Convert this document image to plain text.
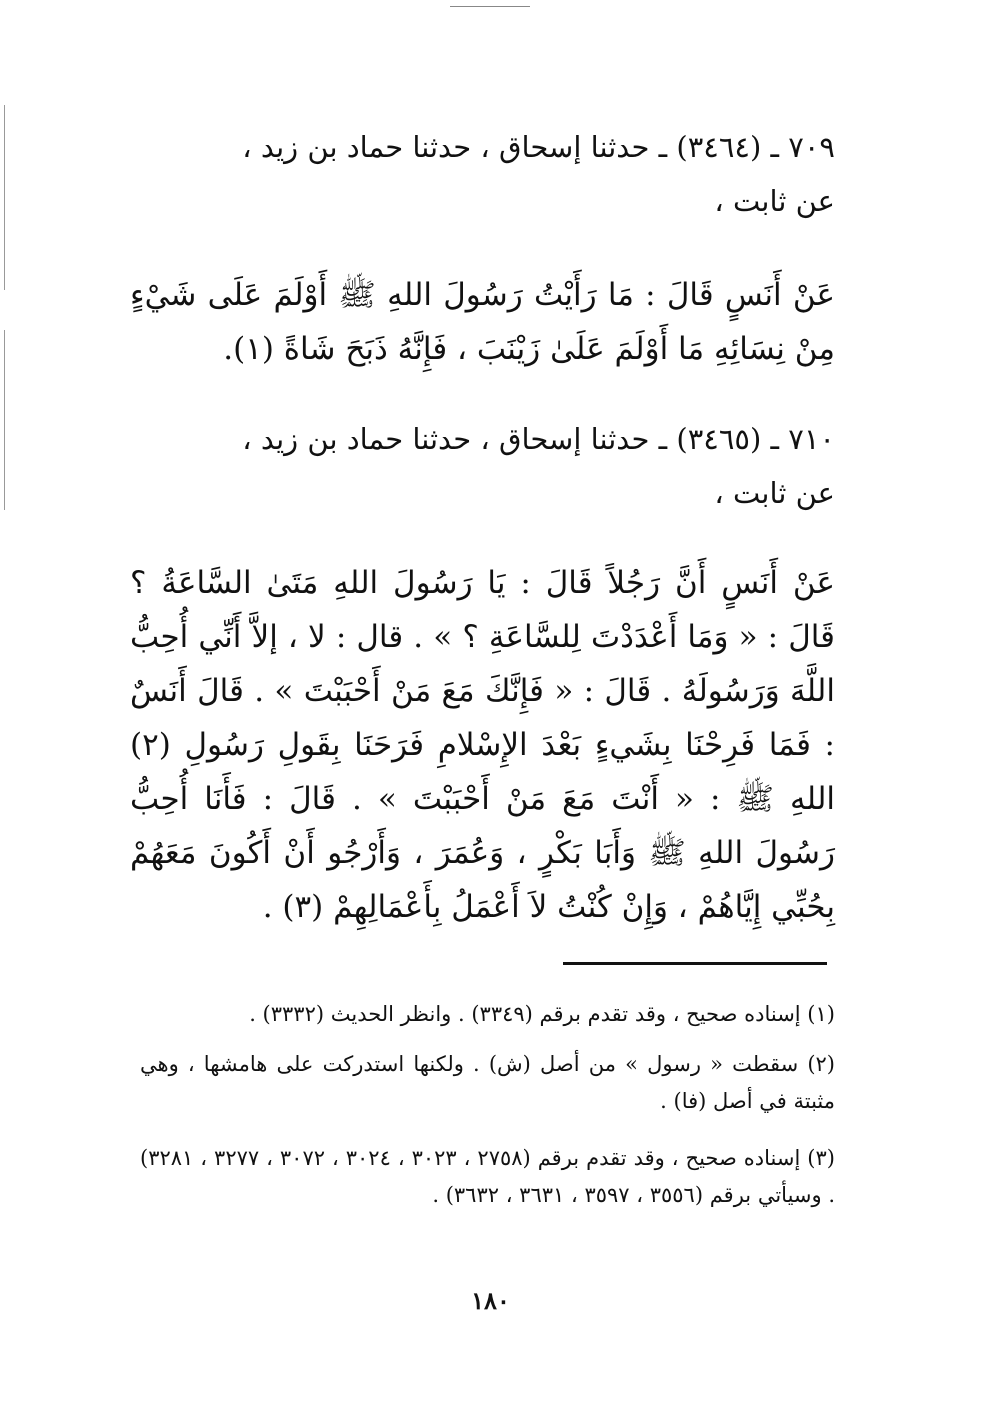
٧٠٩ ـ (٣٤٦٤) ـ حدثنا إسحاق ، حدثنا حماد بن زيد ،
عن ثابت ،
عَنْ أَنَسٍ قَالَ : مَا رَأَيْتُ رَسُولَ اللهِ ﷺ أَوْلَمَ عَلَى شَيْءٍ مِنْ نِسَائِهِ مَا أَوْلَمَ عَلَىٰ زَيْنَبَ ، فَإِنَّهُ ذَبَحَ شَاةً (١).
٧١٠ ـ (٣٤٦٥) ـ حدثنا إسحاق ، حدثنا حماد بن زيد ،
عن ثابت ،
عَنْ أَنَسٍ أَنَّ رَجُلاً قَالَ : يَا رَسُولَ اللهِ مَتَىٰ السَّاعَةُ ؟ قَالَ : « وَمَا أَعْدَدْتَ لِلسَّاعَةِ ؟ » . قال : لا ، إلاَّ أَنِّي أُحِبُّ اللَّهَ وَرَسُولَهُ . قَالَ : « فَإِنَّكَ مَعَ مَنْ أَحْبَبْتَ » . قَالَ أَنَسٌ : فَمَا فَرِحْنَا بِشَيءٍ بَعْدَ الإِسْلامِ فَرَحَنَا بِقَولِ رَسُولِ (٢) اللهِ ﷺ : « أَنْتَ مَعَ مَنْ أَحْبَبْتَ » . قَالَ : فَأَنَا أُحِبُّ رَسُولَ اللهِ ﷺ وَأَبَا بَكْرٍ ، وَعُمَرَ ، وَأَرْجُو أَنْ أَكُونَ مَعَهُمْ بِحُبِّي إِيَّاهُمْ ، وَإِنْ كُنْتُ لاَ أَعْمَلُ بِأَعْمَالِهِمْ (٣) .
(١) إسناده صحيح ، وقد تقدم برقم (٣٣٤٩) . وانظر الحديث (٣٣٣٢) .
(٢) سقطت « رسول » من أصل (ش) . ولكنها استدركت على هامشها ، وهي مثبتة في أصل (فا) .
(٣) إسناده صحيح ، وقد تقدم برقم (٢٧٥٨ ، ٣٠٢٣ ، ٣٠٢٤ ، ٣٠٧٢ ، ٣٢٧٧ ، ٣٢٨١) . وسيأتي برقم (٣٥٥٦ ، ٣٥٩٧ ، ٣٦٣١ ، ٣٦٣٢) .
١٨٠
